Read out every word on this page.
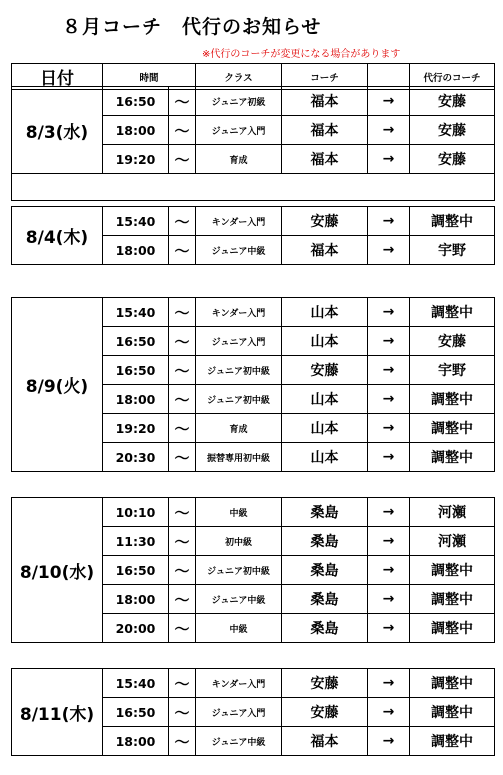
８月コーチ　代行のお知らせ
※代行のコーチが変更になる場合があります
日付	時間	クラス	コーチ		代行のコーチ
8/3(水)	16:50	～	ジュニア初級	福本	→	安藤
	18:00	～	ジュニア入門	福本	→	安藤
	19:20	～	育成	福本	→	安藤

8/4(木)	15:40	～	キンダー入門	安藤	→	調整中
	18:00	～	ジュニア中級	福本	→	宇野
8/9(火)	15:40	～	キンダー入門	山本	→	調整中
	16:50	～	ジュニア入門	山本	→	安藤
	16:50	～	ジュニア初中級	安藤	→	宇野
	18:00	～	ジュニア初中級	山本	→	調整中
	19:20	～	育成	山本	→	調整中
	20:30	～	振替専用初中級	山本	→	調整中
8/10(水)	10:10	～	中級	桑島	→	河瀬
	11:30	～	初中級	桑島	→	河瀬
	16:50	～	ジュニア初中級	桑島	→	調整中
	18:00	～	ジュニア中級	桑島	→	調整中
	20:00	～	中級	桑島	→	調整中
8/11(木)	15:40	～	キンダー入門	安藤	→	調整中
	16:50	～	ジュニア入門	安藤	→	調整中
	18:00	～	ジュニア中級	福本	→	調整中
